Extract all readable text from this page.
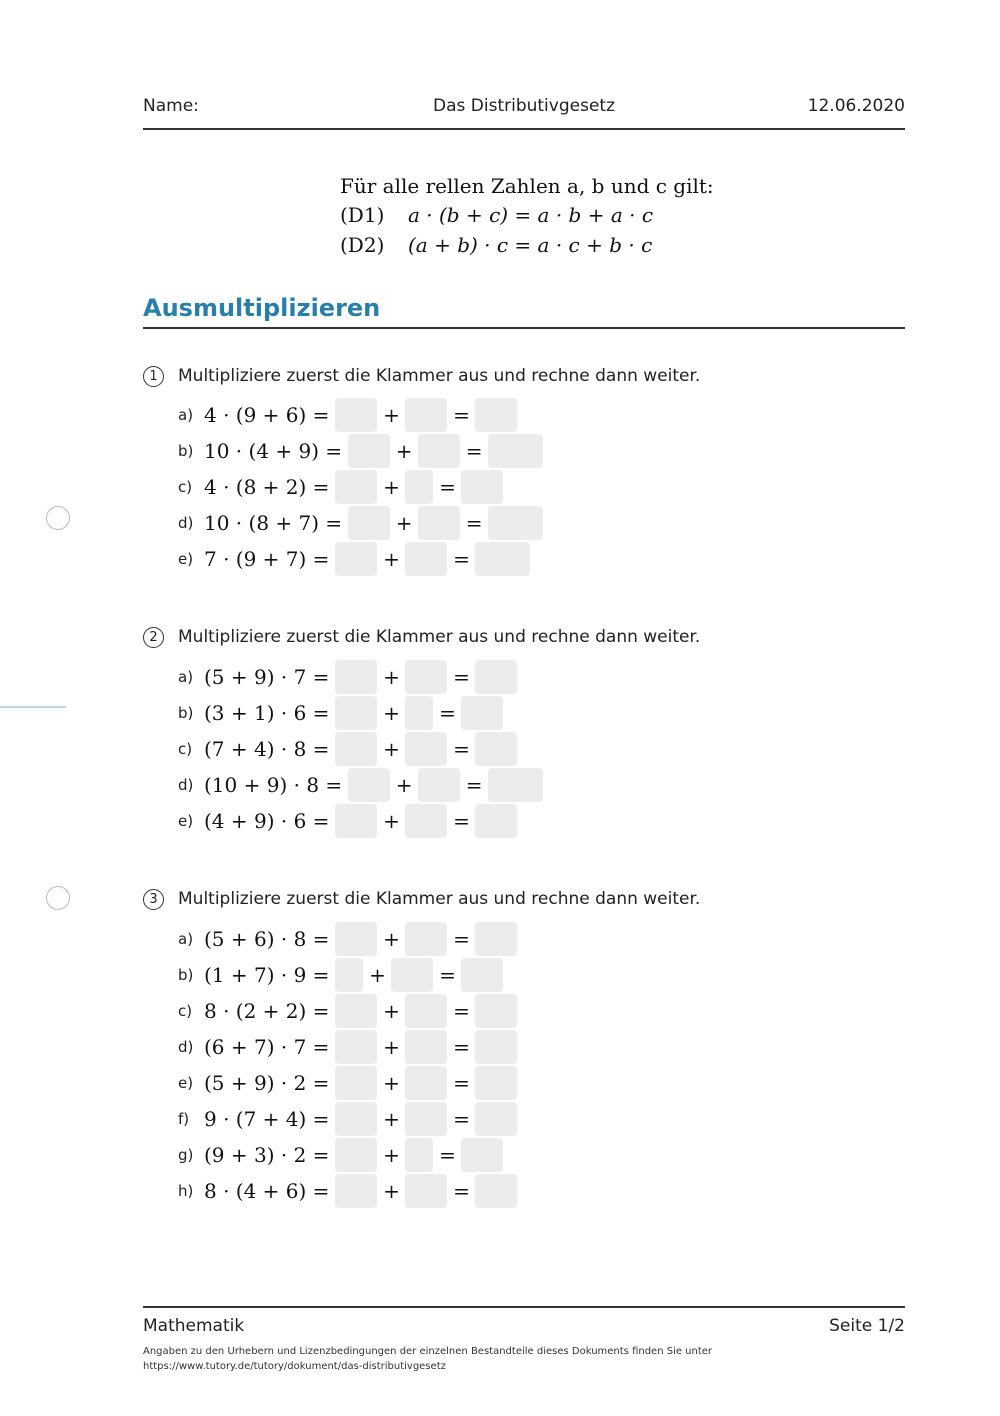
Name:	Das Distributivgesetz	12.06.2020
Für alle rellen Zahlen a, b und c gilt:
(D1) a · (b + c) = a · b + a · c
(D2) (a + b) · c = a · c + b · c
Ausmultiplizieren
1	Multipliziere zuerst die Klammer aus und rechne dann weiter.
a) 4 · (9 + 6) =	+	=
b) 10 · (4 + 9) =	+	=
c) 4 · (8 + 2) =	+ =
d) 10 · (8 + 7) =	+	=
e) 7 · (9 + 7) =	+	=
2	Multipliziere zuerst die Klammer aus und rechne dann weiter.
a) (5 + 9) · 7 =	+	=
b) (3 + 1) · 6 =	+ =
c) (7 + 4) · 8 =	+	=
d) (10 + 9) · 8 =	+	=
e) (4 + 9) · 6 =	+	=
3	Multipliziere zuerst die Klammer aus und rechne dann weiter.
a) (5 + 6) · 8 =	+	=
b) (1 + 7) · 9 = +	=
c) 8 · (2 + 2) =	+	=
d) (6 + 7) · 7 =	+	=
e) (5 + 9) · 2 =	+	=
f) 9 · (7 + 4) =	+	=
g) (9 + 3) · 2 =	+ =
h) 8 · (4 + 6) =	+	=
Mathematik	Seite 1/2
Angaben zu den Urhebern und Lizenzbedingungen der einzelnen Bestandteile dieses Dokuments finden Sie unter
https://www.tutory.de/tutory/dokument/das-distributivgesetz
